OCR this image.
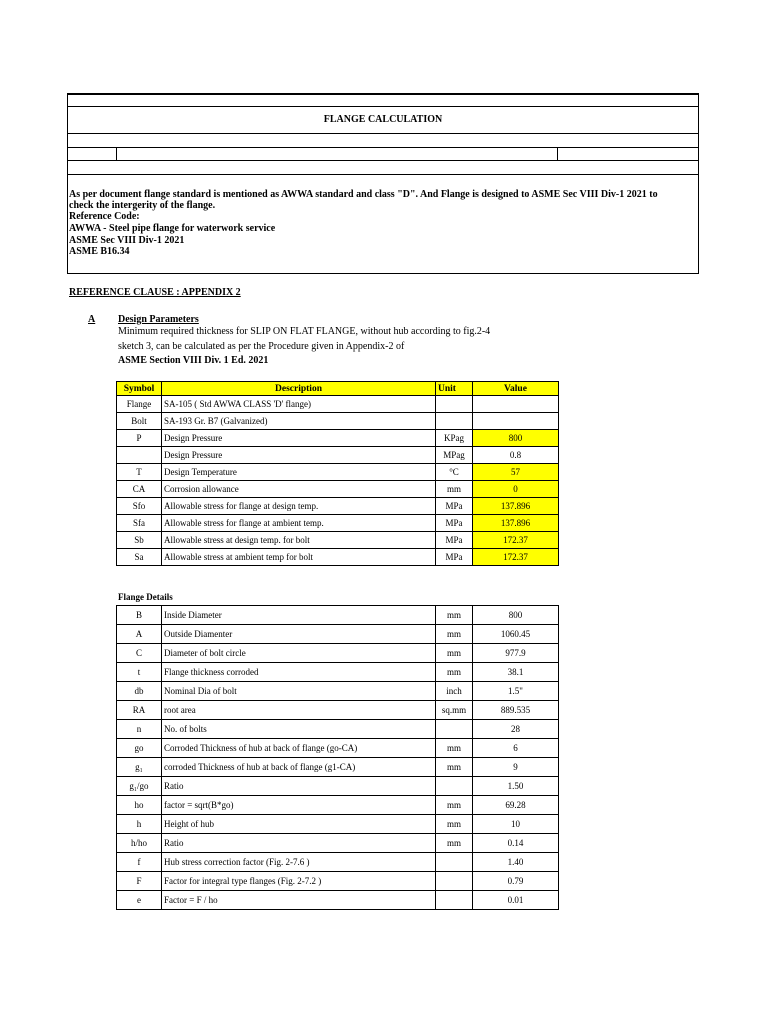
FLANGE CALCULATION
As per document flange standard is mentioned as AWWA standard and class "D". And Flange is designed to ASME Sec VIII Div-1 2021 to
check the intergerity of the flange.
Reference Code:
AWWA - Steel pipe flange for waterwork service
ASME Sec VIII Div-1 2021
ASME B16.34
REFERENCE CLAUSE : APPENDIX 2
A Design Parameters
Minimum required thickness for SLIP ON FLAT FLANGE, without hub according to fig.2-4
sketch 3, can be calculated as per the Procedure given in Appendix-2 of
ASME Section VIII Div. 1 Ed. 2021
Symbol	Description	Unit	Value
Flange	SA-105 ( Std AWWA CLASS 'D' flange)		
Bolt	SA-193 Gr. B7 (Galvanized)		
P	Design Pressure	KPag	800
	Design Pressure	MPag	0.8
T	Design Temperature	°C	57
CA	Corrosion allowance	mm	0
Sfo	Allowable stress for flange at design temp.	MPa	137.896
Sfa	Allowable stress for flange at ambient temp.	MPa	137.896
Sb	Allowable stress at design temp. for bolt	MPa	172.37
Sa	Allowable stress at ambient temp for bolt	MPa	172.37
Flange Details
B	Inside Diameter	mm	800
A	Outside Diamenter	mm	1060.45
C	Diameter of bolt circle	mm	977.9
t	Flange thickness corroded	mm	38.1
db	Nominal Dia of bolt	inch	1.5"
RA	root area	sq.mm	889.535
n	No. of bolts		28
go	Corroded Thickness of hub at back of flange (go-CA)	mm	6
g₁	corroded Thickness of hub at back of flange (g1-CA)	mm	9
g₁/go	Ratio		1.50
ho	factor = sqrt(B*go)	mm	69.28
h	Height of hub	mm	10
h/ho	Ratio	mm	0.14
f	Hub stress correction factor (Fig. 2-7.6 )		1.40
F	Factor for integral type flanges (Fig. 2-7.2 )		0.79
e	Factor = F / ho		0.01
